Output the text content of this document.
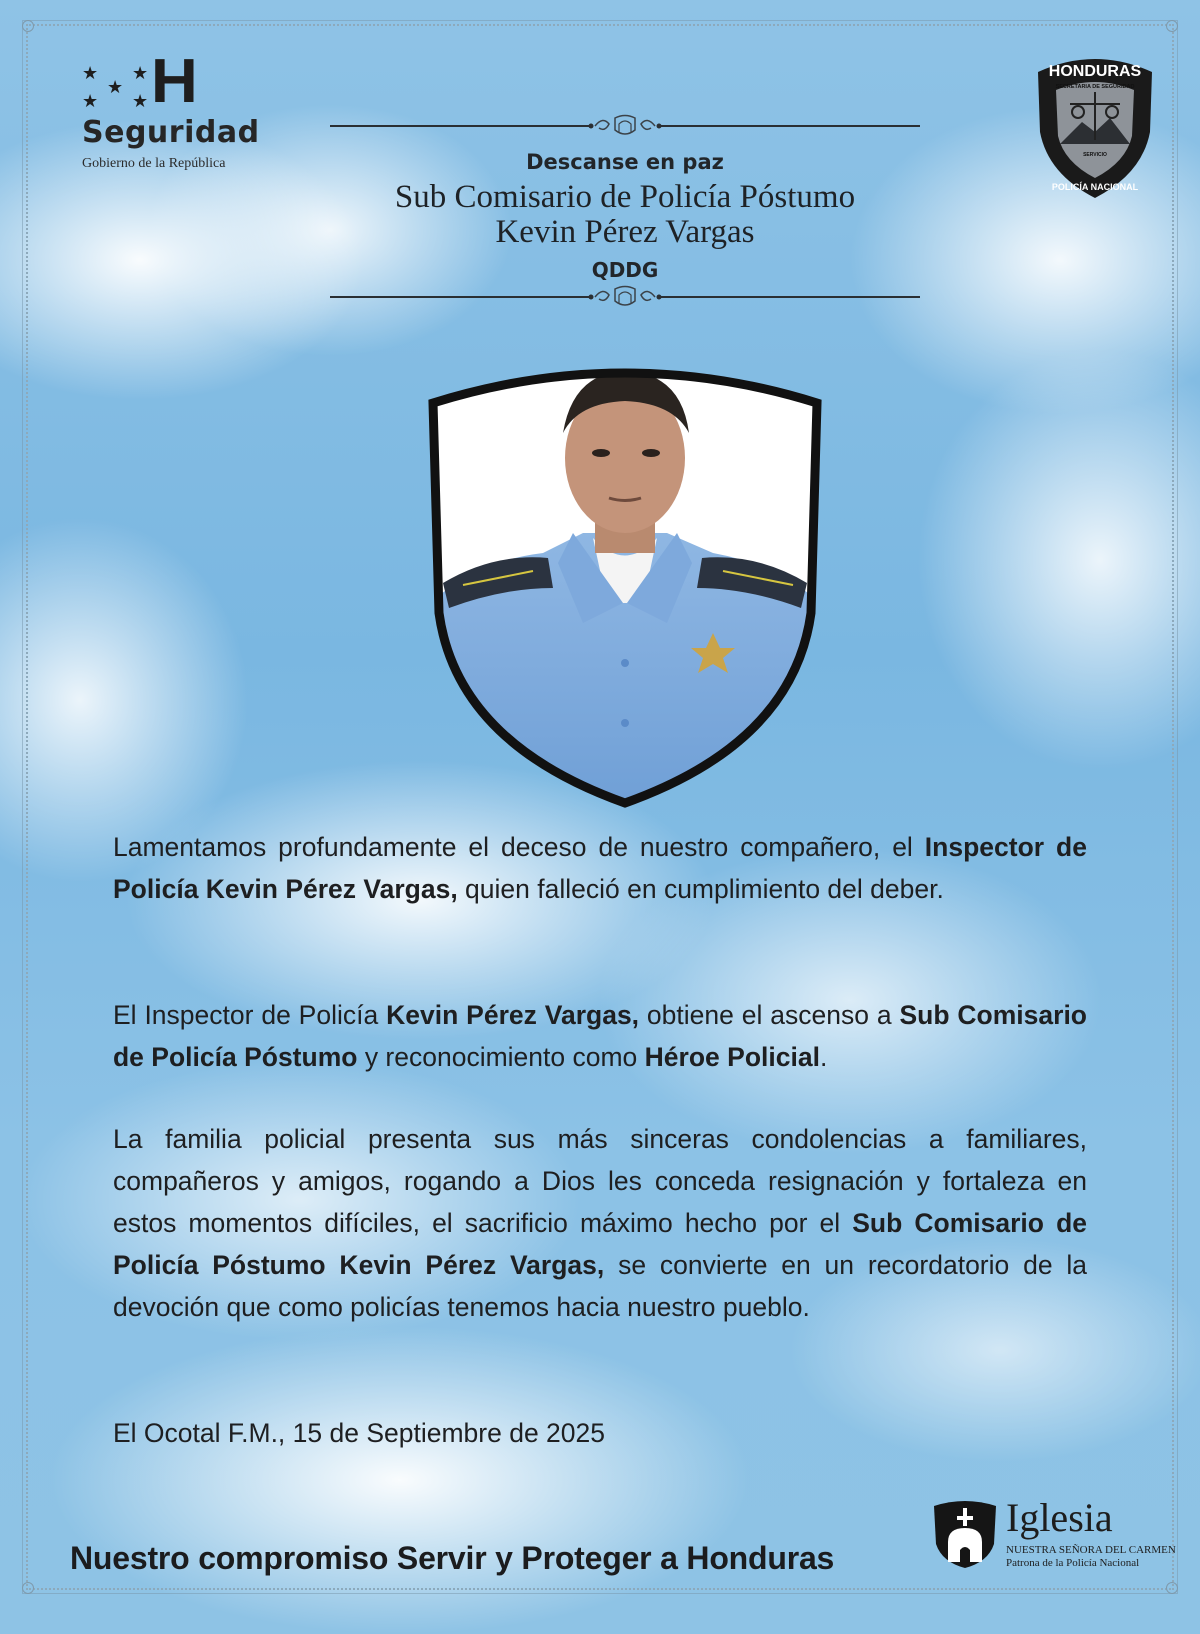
★ ★
★
★ ★ H
Seguridad
Gobierno de la República
HONDURAS
SECRETARIA DE SEGURIDAD
SERVICIO
POLICÍA NACIONAL
Descanse en paz
Sub Comisario de Policía Póstumo
Kevin Pérez Vargas
QDDG
Lamentamos profundamente el deceso de nuestro compañero, el Inspector de Policía Kevin Pérez Vargas, quien falleció en cumplimiento del deber.
El Inspector de Policía Kevin Pérez Vargas, obtiene el ascenso a Sub Comisario de Policía Póstumo y reconocimiento como Héroe Policial.
La familia policial presenta sus más sinceras condolencias a familiares, compañeros y amigos, rogando a Dios les conceda resignación y fortaleza en estos momentos difíciles, el sacrificio máximo hecho por el Sub Comisario de Policía Póstumo Kevin Pérez Vargas, se convierte en un recordatorio de la devoción que como policías tenemos hacia nuestro pueblo.
El Ocotal F.M., 15 de Septiembre de 2025
Nuestro compromiso Servir y Proteger a Honduras
Iglesia
NUESTRA SEÑORA DEL CARMEN
Patrona de la Policía Nacional
